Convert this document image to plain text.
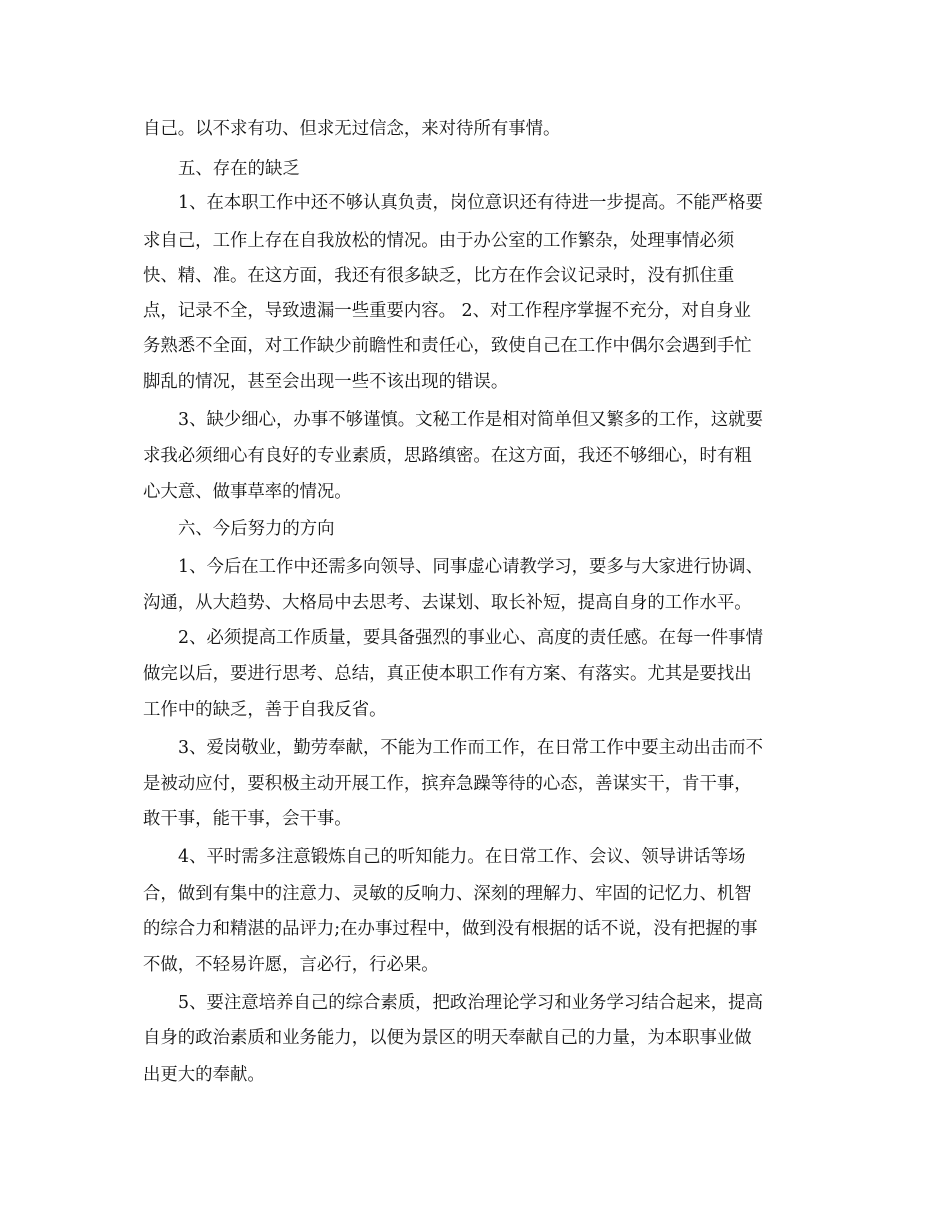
自己。以不求有功、但求无过信念，来对待所有事情。
五、存在的缺乏
1、在本职工作中还不够认真负责，岗位意识还有待进一步提高。不能严格要
求自己，工作上存在自我放松的情况。由于办公室的工作繁杂，处理事情必须
快、精、准。在这方面，我还有很多缺乏，比方在作会议记录时，没有抓住重
点，记录不全，导致遗漏一些重要内容。 2、对工作程序掌握不充分，对自身业
务熟悉不全面，对工作缺少前瞻性和责任心，致使自己在工作中偶尔会遇到手忙
脚乱的情况，甚至会出现一些不该出现的错误。
3、缺少细心，办事不够谨慎。文秘工作是相对简单但又繁多的工作，这就要
求我必须细心有良好的专业素质，思路缜密。在这方面，我还不够细心，时有粗
心大意、做事草率的情况。
六、今后努力的方向
1、今后在工作中还需多向领导、同事虚心请教学习，要多与大家进行协调、
沟通，从大趋势、大格局中去思考、去谋划、取长补短，提高自身的工作水平。
2、必须提高工作质量，要具备强烈的事业心、高度的责任感。在每一件事情
做完以后，要进行思考、总结，真正使本职工作有方案、有落实。尤其是要找出
工作中的缺乏，善于自我反省。
3、爱岗敬业，勤劳奉献，不能为工作而工作，在日常工作中要主动出击而不
是被动应付，要积极主动开展工作，摈弃急躁等待的心态，善谋实干，肯干事，
敢干事，能干事，会干事。
4、平时需多注意锻炼自己的听知能力。在日常工作、会议、领导讲话等场
合，做到有集中的注意力、灵敏的反响力、深刻的理解力、牢固的记忆力、机智
的综合力和精湛的品评力;在办事过程中，做到没有根据的话不说，没有把握的事
不做，不轻易许愿，言必行，行必果。
5、要注意培养自己的综合素质，把政治理论学习和业务学习结合起来，提高
自身的政治素质和业务能力，以便为景区的明天奉献自己的力量，为本职事业做
出更大的奉献。
